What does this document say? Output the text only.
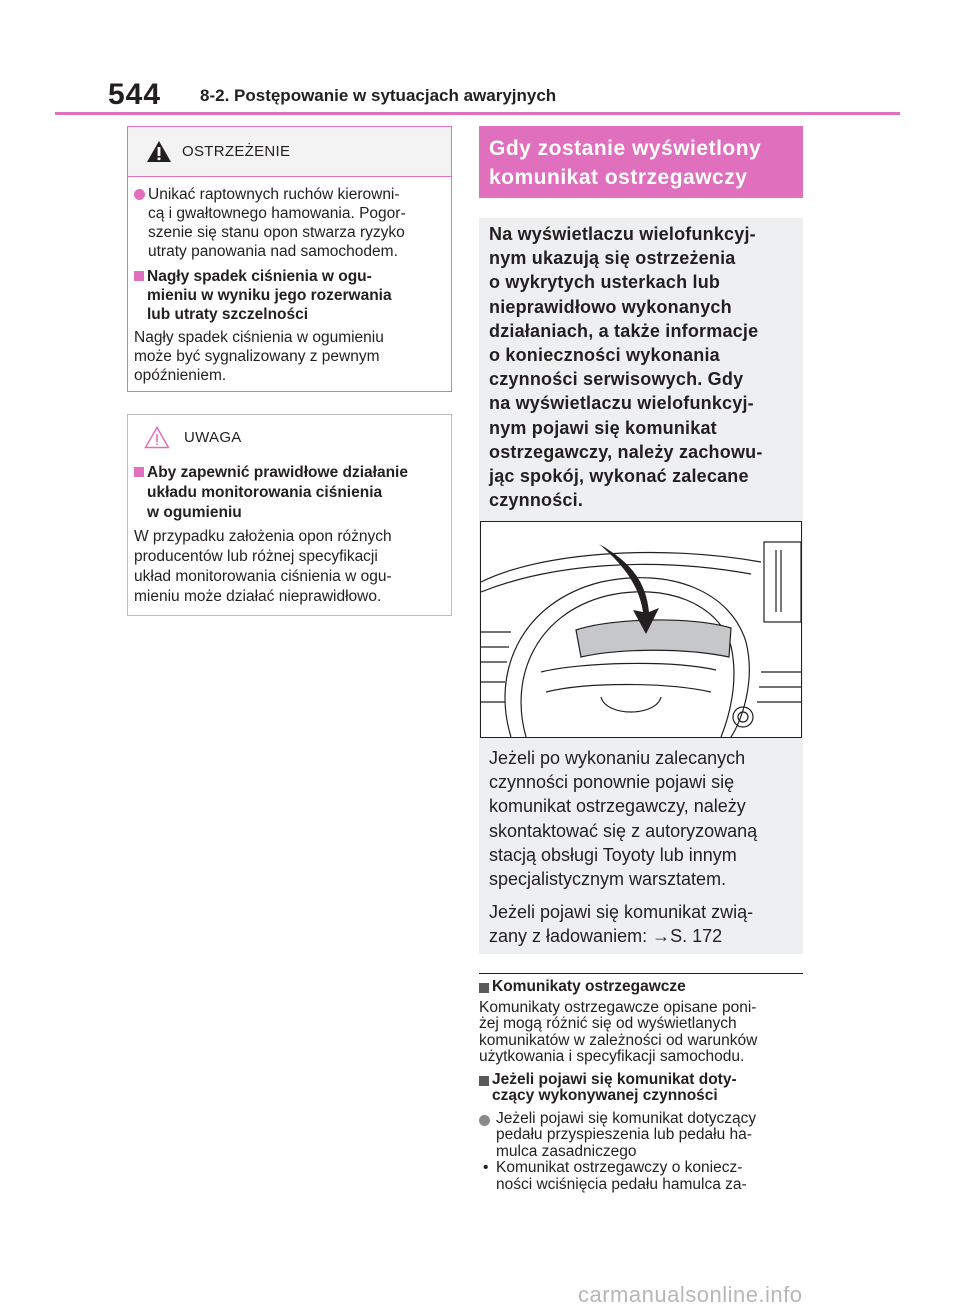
544 8-2. Postępowanie w sytuacjach awaryjnych
OSTRZEŻENIE
Unikać raptownych ruchów kierowni-
cą i gwałtownego hamowania. Pogor-
szenie się stanu opon stwarza ryzyko
utraty panowania nad samochodem.
Nagły spadek ciśnienia w ogu-
mieniu w wyniku jego rozerwania
lub utraty szczelności
Nagły spadek ciśnienia w ogumieniu
może być sygnalizowany z pewnym
opóźnieniem.
UWAGA
Aby zapewnić prawidłowe działanie
układu monitorowania ciśnienia
w ogumieniu
W przypadku założenia opon różnych
producentów lub różnej specyfikacji
układ monitorowania ciśnienia w ogu-
mieniu może działać nieprawidłowo.
Gdy zostanie wyświetlony
komunikat ostrzegawczy
Na wyświetlaczu wielofunkcyj-
nym ukazują się ostrzeżenia
o wykrytych usterkach lub
nieprawidłowo wykonanych
działaniach, a także informacje
o konieczności wykonania
czynności serwisowych. Gdy
na wyświetlaczu wielofunkcyj-
nym pojawi się komunikat
ostrzegawczy, należy zachowu-
jąc spokój, wykonać zalecane
czynności.
Jeżeli po wykonaniu zalecanych
czynności ponownie pojawi się
komunikat ostrzegawczy, należy
skontaktować się z autoryzowaną
stacją obsługi Toyoty lub innym
specjalistycznym warsztatem.
Jeżeli pojawi się komunikat zwią-
zany z ładowaniem: →S. 172
Komunikaty ostrzegawcze
Komunikaty ostrzegawcze opisane poni-
żej mogą różnić się od wyświetlanych
komunikatów w zależności od warunków
użytkowania i specyfikacji samochodu.
Jeżeli pojawi się komunikat doty-
czący wykonywanej czynności
Jeżeli pojawi się komunikat dotyczący
pedału przyspieszenia lub pedału ha-
mulca zasadniczego
• Komunikat ostrzegawczy o koniecz-
ności wciśnięcia pedału hamulca za-
carmanualsonline.info
